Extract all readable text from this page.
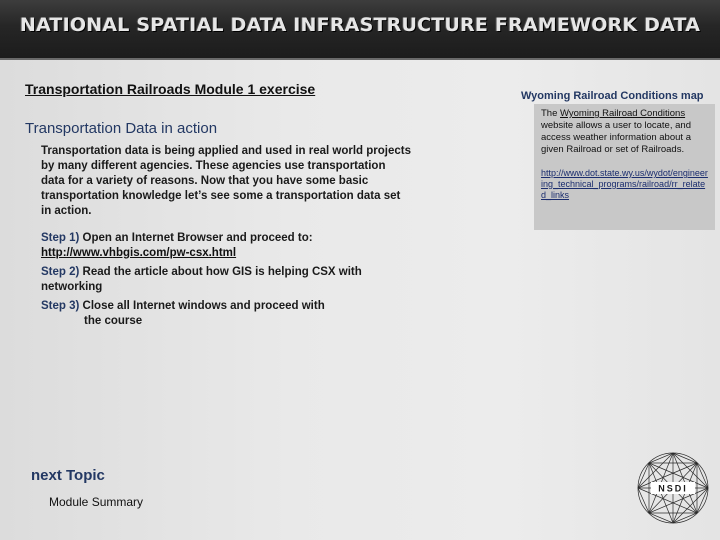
NATIONAL SPATIAL DATA INFRASTRUCTURE FRAMEWORK DATA
Transportation Railroads Module 1 exercise
Transportation Data in action
Transportation data is being applied and used in real world projects by many different agencies. These agencies use transportation data for a variety of reasons. Now that you have some basic transportation knowledge let’s see some a transportation data set in action.
Step 1) Open an Internet Browser and proceed to:
http://www.vhbgis.com/pw-csx.html
Step 2) Read the article about how GIS is helping CSX with networking
Step 3) Close all Internet windows and proceed with
the course
next Topic
Module Summary
Wyoming Railroad Conditions map

The Wyoming Railroad Conditions website allows a user to locate, and access weather information about a given Railroad or set of Railroads.

http://www.dot.state.wy.us/wydot/engineering_technical_programs/railroad/rr_related_links
NSDI
